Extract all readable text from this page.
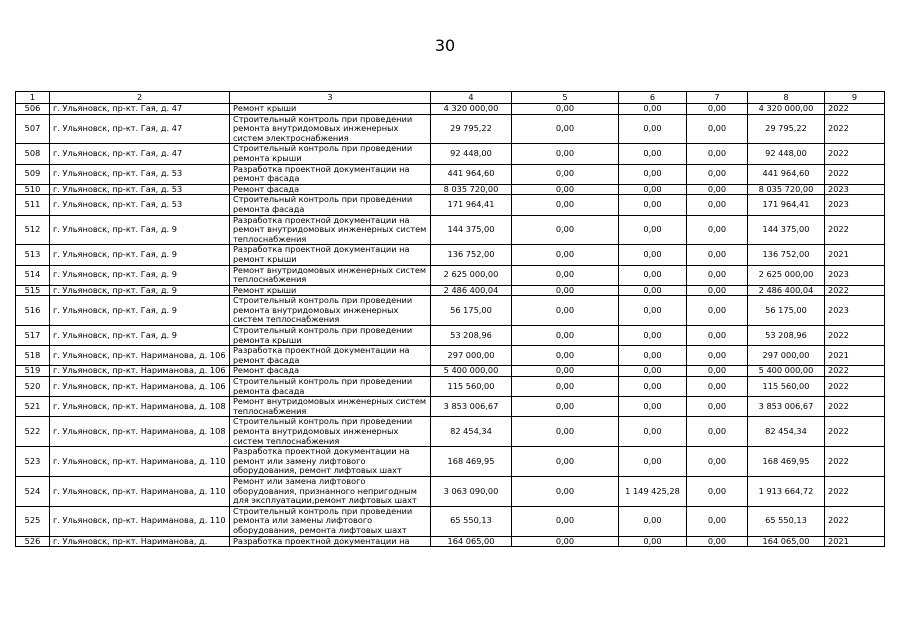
30
1	2	3	4	5	6	7	8	9
506	г. Ульяновск, пр-кт. Гая, д. 47	Ремонт крыши	4 320 000,00	0,00	0,00	0,00	4 320 000,00	2022
507	г. Ульяновск, пр-кт. Гая, д. 47	Строительный контроль при проведении ремонта внутридомовых инженерных систем электроснабжения	29 795,22	0,00	0,00	0,00	29 795,22	2022
508	г. Ульяновск, пр-кт. Гая, д. 47	Строительный контроль при проведении ремонта крыши	92 448,00	0,00	0,00	0,00	92 448,00	2022
509	г. Ульяновск, пр-кт. Гая, д. 53	Разработка проектной документации на ремонт фасада	441 964,60	0,00	0,00	0,00	441 964,60	2022
510	г. Ульяновск, пр-кт. Гая, д. 53	Ремонт фасада	8 035 720,00	0,00	0,00	0,00	8 035 720,00	2023
511	г. Ульяновск, пр-кт. Гая, д. 53	Строительный контроль при проведении ремонта фасада	171 964,41	0,00	0,00	0,00	171 964,41	2023
512	г. Ульяновск, пр-кт. Гая, д. 9	Разработка проектной документации на ремонт внутридомовых инженерных систем теплоснабжения	144 375,00	0,00	0,00	0,00	144 375,00	2022
513	г. Ульяновск, пр-кт. Гая, д. 9	Разработка проектной документации на ремонт крыши	136 752,00	0,00	0,00	0,00	136 752,00	2021
514	г. Ульяновск, пр-кт. Гая, д. 9	Ремонт внутридомовых инженерных систем теплоснабжения	2 625 000,00	0,00	0,00	0,00	2 625 000,00	2023
515	г. Ульяновск, пр-кт. Гая, д. 9	Ремонт крыши	2 486 400,04	0,00	0,00	0,00	2 486 400,04	2022
516	г. Ульяновск, пр-кт. Гая, д. 9	Строительный контроль при проведении ремонта внутридомовых инженерных систем теплоснабжения	56 175,00	0,00	0,00	0,00	56 175,00	2023
517	г. Ульяновск, пр-кт. Гая, д. 9	Строительный контроль при проведении ремонта крыши	53 208,96	0,00	0,00	0,00	53 208,96	2022
518	г. Ульяновск, пр-кт. Нариманова, д. 106	Разработка проектной документации на ремонт фасада	297 000,00	0,00	0,00	0,00	297 000,00	2021
519	г. Ульяновск, пр-кт. Нариманова, д. 106	Ремонт фасада	5 400 000,00	0,00	0,00	0,00	5 400 000,00	2022
520	г. Ульяновск, пр-кт. Нариманова, д. 106	Строительный контроль при проведении ремонта фасада	115 560,00	0,00	0,00	0,00	115 560,00	2022
521	г. Ульяновск, пр-кт. Нариманова, д. 108	Ремонт внутридомовых инженерных систем теплоснабжения	3 853 006,67	0,00	0,00	0,00	3 853 006,67	2022
522	г. Ульяновск, пр-кт. Нариманова, д. 108	Строительный контроль при проведении ремонта внутридомовых инженерных систем теплоснабжения	82 454,34	0,00	0,00	0,00	82 454,34	2022
523	г. Ульяновск, пр-кт. Нариманова, д. 110	Разработка проектной документации на ремонт или замену лифтового оборудования, ремонт лифтовых шахт	168 469,95	0,00	0,00	0,00	168 469,95	2022
524	г. Ульяновск, пр-кт. Нариманова, д. 110	Ремонт или замена лифтового оборудования, признанного непригодным для эксплуатации,ремонт лифтовых шахт	3 063 090,00	0,00	1 149 425,28	0,00	1 913 664,72	2022
525	г. Ульяновск, пр-кт. Нариманова, д. 110	Строительный контроль при проведении ремонта или замены лифтового оборудования, ремонта лифтовых шахт	65 550,13	0,00	0,00	0,00	65 550,13	2022
526	г. Ульяновск, пр-кт. Нариманова, д.	Разработка проектной документации на	164 065,00	0,00	0,00	0,00	164 065,00	2021
